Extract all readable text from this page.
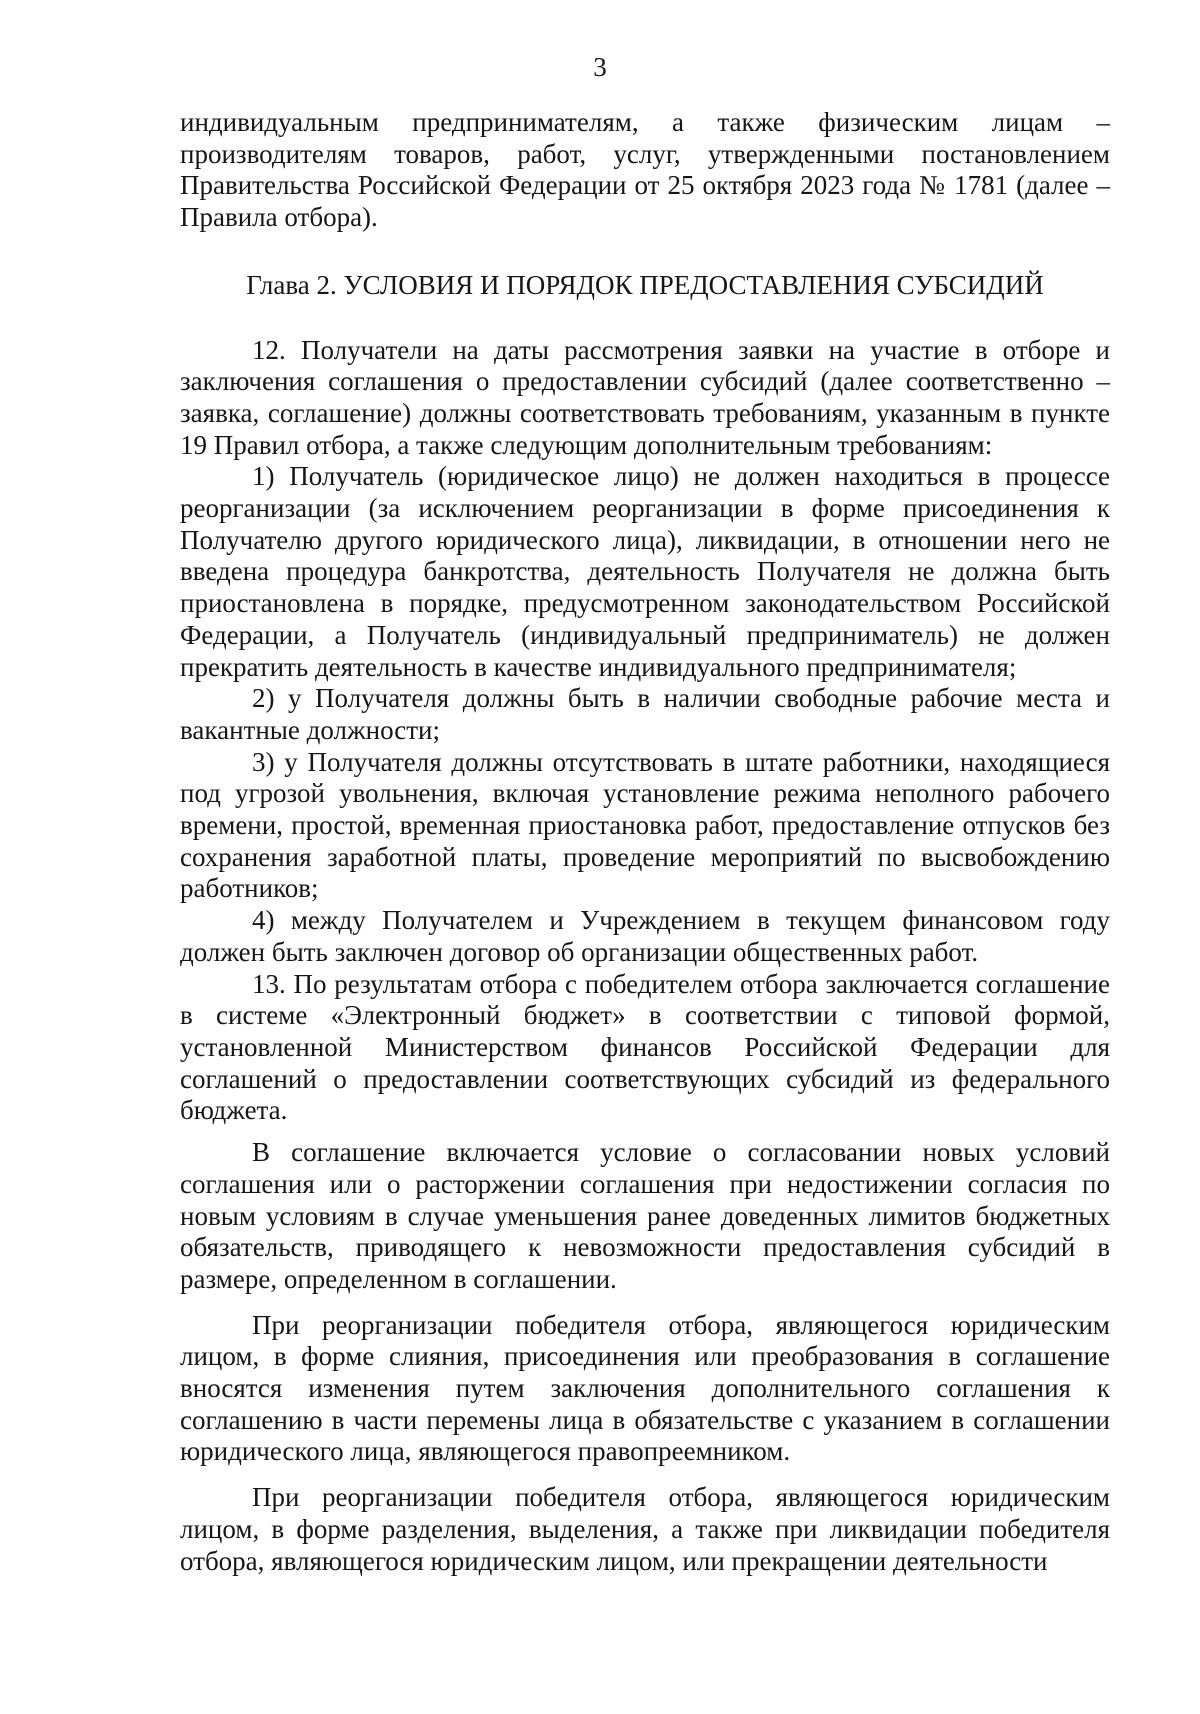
3

индивидуальным предпринимателям, а также физическим лицам – производителям товаров, работ, услуг, утвержденными постановлением Правительства Российской Федерации от 25 октября 2023 года № 1781 (далее – Правила отбора).

Глава 2. УСЛОВИЯ И ПОРЯДОК ПРЕДОСТАВЛЕНИЯ СУБСИДИЙ

12. Получатели на даты рассмотрения заявки на участие в отборе и заключения соглашения о предоставлении субсидий (далее соответственно – заявка, соглашение) должны соответствовать требованиям, указанным в пункте 19 Правил отбора, а также следующим дополнительным требованиям:

1) Получатель (юридическое лицо) не должен находиться в процессе реорганизации (за исключением реорганизации в форме присоединения к Получателю другого юридического лица), ликвидации, в отношении него не введена процедура банкротства, деятельность Получателя не должна быть приостановлена в порядке, предусмотренном законодательством Российской Федерации, а Получатель (индивидуальный предприниматель) не должен прекратить деятельность в качестве индивидуального предпринимателя;

2) у Получателя должны быть в наличии свободные рабочие места и вакантные должности;

3) у Получателя должны отсутствовать в штате работники, находящиеся под угрозой увольнения, включая установление режима неполного рабочего времени, простой, временная приостановка работ, предоставление отпусков без сохранения заработной платы, проведение мероприятий по высвобождению работников;

4) между Получателем и Учреждением в текущем финансовом году должен быть заключен договор об организации общественных работ.

13. По результатам отбора с победителем отбора заключается соглашение в системе «Электронный бюджет» в соответствии с типовой формой, установленной Министерством финансов Российской Федерации для соглашений о предоставлении соответствующих субсидий из федерального бюджета.

В соглашение включается условие о согласовании новых условий соглашения или о расторжении соглашения при недостижении согласия по новым условиям в случае уменьшения ранее доведенных лимитов бюджетных обязательств, приводящего к невозможности предоставления субсидий в размере, определенном в соглашении.

При реорганизации победителя отбора, являющегося юридическим лицом, в форме слияния, присоединения или преобразования в соглашение вносятся изменения путем заключения дополнительного соглашения к соглашению в части перемены лица в обязательстве с указанием в соглашении юридического лица, являющегося правопреемником.

При реорганизации победителя отбора, являющегося юридическим лицом, в форме разделения, выделения, а также при ликвидации победителя отбора, являющегося юридическим лицом, или прекращении деятельности
